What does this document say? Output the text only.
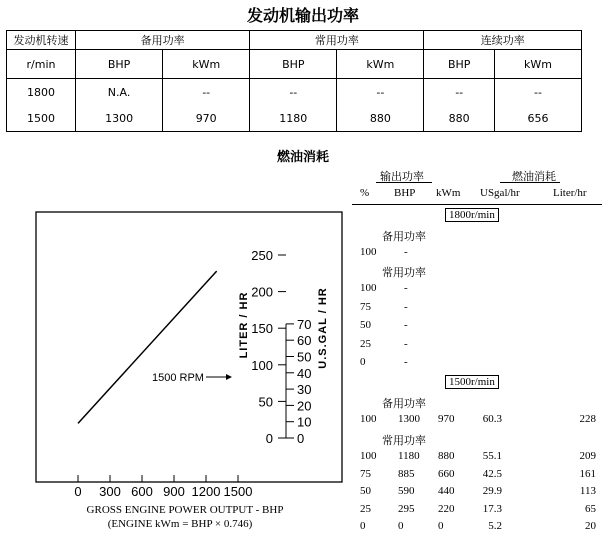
发动机输出功率
发动机转速	备用功率		常用功率		连续功率	
r/min	BHP	kWm	BHP	kWm	BHP	kWm
1800	N.A.	--	--	--	--	--
1500	1300	970	1180	880	880	656
燃油消耗
0 300 600 900 1200 1500
GROSS ENGINE POWER OUTPUT - BHP
(ENGINE kWm = BHP × 0.746)
0
50
100
150
200
250
0
10
20
30
40
50
60
70
LITER / HR	U.S.GAL / HR
1500 RPM
输出功率	燃油消耗
% BHP kWm USgal/hr	Liter/hr
1800r/min
备用功率
100	-
常用功率
100	-
75	-
50	-
25	-
0	-
1500r/min
备用功率
100 1300 970	60.3	228
常用功率
100 1180 880	55.1	209
75 885 660	42.5	161
50 590 440	29.9	113
25 295 220	17.3	65
0	0	0	5.2	20
